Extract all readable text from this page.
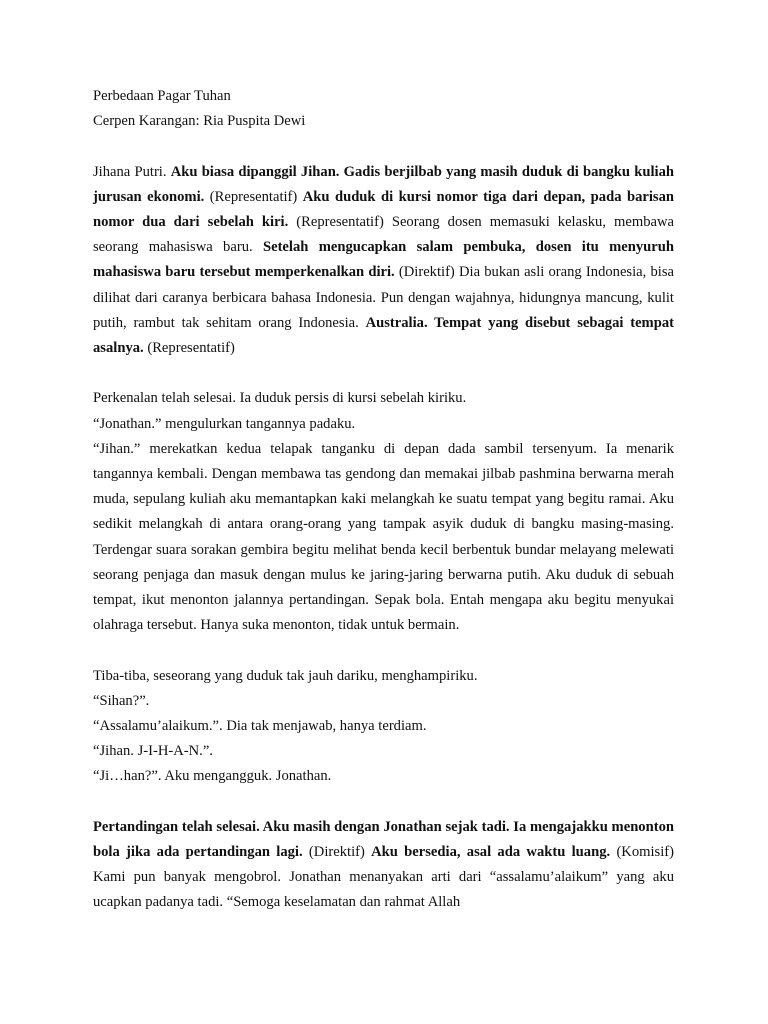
Perbedaan Pagar Tuhan

Cerpen Karangan: Ria Puspita Dewi

Jihana Putri. Aku biasa dipanggil Jihan. Gadis berjilbab yang masih duduk di bangku kuliah jurusan ekonomi. (Representatif) Aku duduk di kursi nomor tiga dari depan, pada barisan nomor dua dari sebelah kiri. (Representatif) Seorang dosen memasuki kelasku, membawa seorang mahasiswa baru. Setelah mengucapkan salam pembuka, dosen itu menyuruh mahasiswa baru tersebut memperkenalkan diri. (Direktif) Dia bukan asli orang Indonesia, bisa dilihat dari caranya berbicara bahasa Indonesia. Pun dengan wajahnya, hidungnya mancung, kulit putih, rambut tak sehitam orang Indonesia. Australia. Tempat yang disebut sebagai tempat asalnya. (Representatif)

Perkenalan telah selesai. Ia duduk persis di kursi sebelah kiriku.

“Jonathan.” mengulurkan tangannya padaku.

“Jihan.” merekatkan kedua telapak tanganku di depan dada sambil tersenyum. Ia menarik tangannya kembali. Dengan membawa tas gendong dan memakai jilbab pashmina berwarna merah muda, sepulang kuliah aku memantapkan kaki melangkah ke suatu tempat yang begitu ramai. Aku sedikit melangkah di antara orang-orang yang tampak asyik duduk di bangku masing-masing. Terdengar suara sorakan gembira begitu melihat benda kecil berbentuk bundar melayang melewati seorang penjaga dan masuk dengan mulus ke jaring-jaring berwarna putih. Aku duduk di sebuah tempat, ikut menonton jalannya pertandingan. Sepak bola. Entah mengapa aku begitu menyukai olahraga tersebut. Hanya suka menonton, tidak untuk bermain.

Tiba-tiba, seseorang yang duduk tak jauh dariku, menghampiriku.

“Sihan?”.

“Assalamu’alaikum.”. Dia tak menjawab, hanya terdiam.

“Jihan. J-I-H-A-N.”.

“Ji…han?”. Aku mengangguk. Jonathan.

Pertandingan telah selesai. Aku masih dengan Jonathan sejak tadi. Ia mengajakku menonton bola jika ada pertandingan lagi. (Direktif) Aku bersedia, asal ada waktu luang. (Komisif) Kami pun banyak mengobrol. Jonathan menanyakan arti dari “assalamu’alaikum” yang aku ucapkan padanya tadi. “Semoga keselamatan dan rahmat Allah
